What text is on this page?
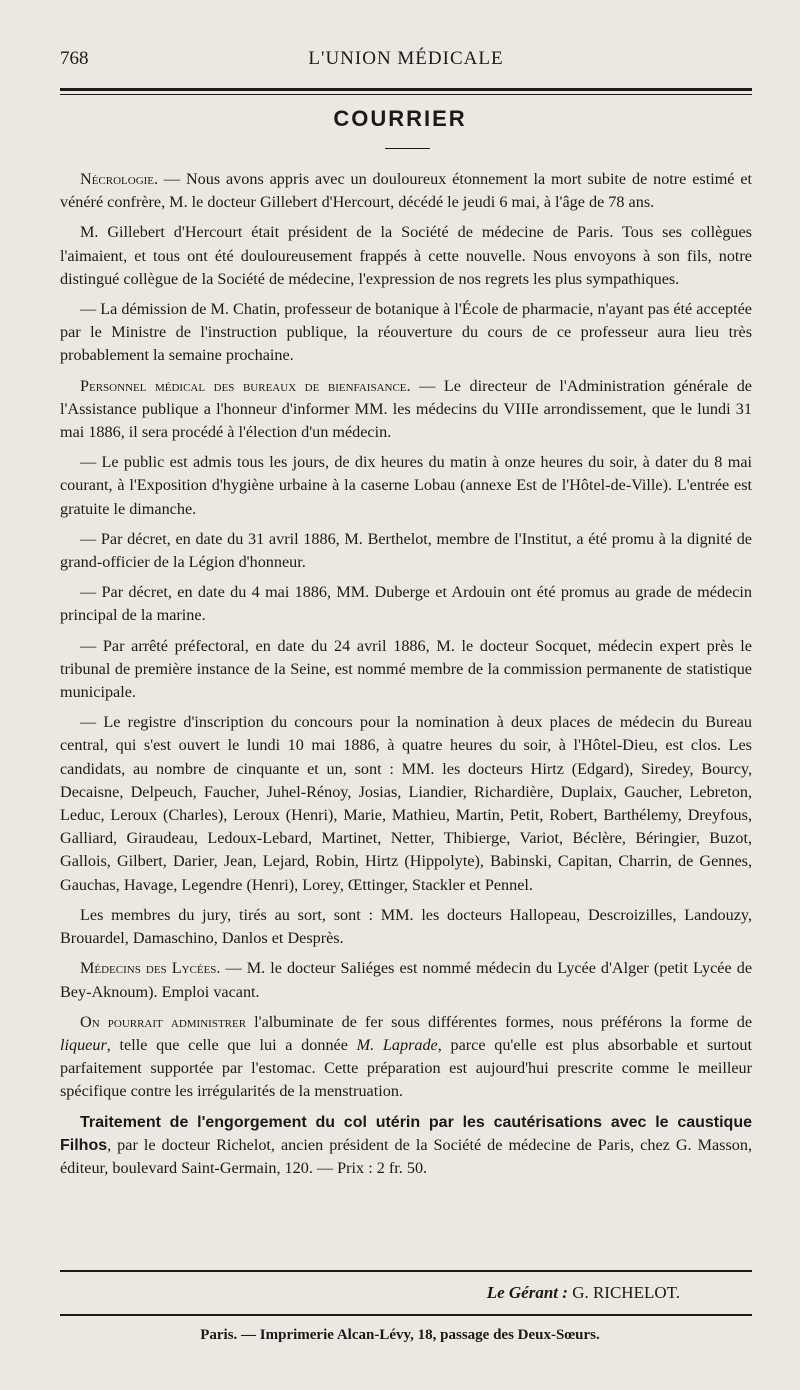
768	L'UNION MÉDICALE
COURRIER

Nécrologie. — Nous avons appris avec un douloureux étonnement la mort subite de notre estimé et vénéré confrère, M. le docteur Gillebert d'Hercourt, décédé le jeudi 6 mai, à l'âge de 78 ans.

M. Gillebert d'Hercourt était président de la Société de médecine de Paris. Tous ses collègues l'aimaient, et tous ont été douloureusement frappés à cette nouvelle. Nous envoyons à son fils, notre distingué collègue de la Société de médecine, l'expression de nos regrets les plus sympathiques.

— La démission de M. Chatin, professeur de botanique à l'École de pharmacie, n'ayant pas été acceptée par le Ministre de l'instruction publique, la réouverture du cours de ce professeur aura lieu très probablement la semaine prochaine.

Personnel médical des bureaux de bienfaisance. — Le directeur de l'Administration générale de l'Assistance publique a l'honneur d'informer MM. les médecins du VIIIe arrondissement, que le lundi 31 mai 1886, il sera procédé à l'élection d'un médecin.

— Le public est admis tous les jours, de dix heures du matin à onze heures du soir, à dater du 8 mai courant, à l'Exposition d'hygiène urbaine à la caserne Lobau (annexe Est de l'Hôtel-de-Ville). L'entrée est gratuite le dimanche.

— Par décret, en date du 31 avril 1886, M. Berthelot, membre de l'Institut, a été promu à la dignité de grand-officier de la Légion d'honneur.

— Par décret, en date du 4 mai 1886, MM. Duberge et Ardouin ont été promus au grade de médecin principal de la marine.

— Par arrêté préfectoral, en date du 24 avril 1886, M. le docteur Socquet, médecin expert près le tribunal de première instance de la Seine, est nommé membre de la commission permanente de statistique municipale.

— Le registre d'inscription du concours pour la nomination à deux places de médecin du Bureau central, qui s'est ouvert le lundi 10 mai 1886, à quatre heures du soir, à l'Hôtel-Dieu, est clos. Les candidats, au nombre de cinquante et un, sont : MM. les docteurs Hirtz (Edgard), Siredey, Bourcy, Decaisne, Delpeuch, Faucher, Juhel-Rénoy, Josias, Liandier, Richardière, Duplaix, Gaucher, Lebreton, Leduc, Leroux (Charles), Leroux (Henri), Marie, Mathieu, Martin, Petit, Robert, Barthélemy, Dreyfous, Galliard, Giraudeau, Ledoux-Lebard, Martinet, Netter, Thibierge, Variot, Béclère, Béringier, Buzot, Gallois, Gilbert, Darier, Jean, Lejard, Robin, Hirtz (Hippolyte), Babinski, Capitan, Charrin, de Gennes, Gauchas, Havage, Legendre (Henri), Lorey, Œttinger, Stackler et Pennel.

Les membres du jury, tirés au sort, sont : MM. les docteurs Hallopeau, Descroizilles, Landouzy, Brouardel, Damaschino, Danlos et Desprès.

Médecins des Lycées. — M. le docteur Saliéges est nommé médecin du Lycée d'Alger (petit Lycée de Bey-Aknoum). Emploi vacant.

On pourrait administrer l'albuminate de fer sous différentes formes, nous préférons la forme de liqueur, telle que celle que lui a donnée M. Laprade, parce qu'elle est plus absorbable et surtout parfaitement supportée par l'estomac. Cette préparation est aujourd'hui prescrite comme le meilleur spécifique contre les irrégularités de la menstruation.

Traitement de l'engorgement du col utérin par les cautérisations avec le caustique Filhos, par le docteur Richelot, ancien président de la Société de médecine de Paris, chez G. Masson, éditeur, boulevard Saint-Germain, 120. — Prix : 2 fr. 50.

Le Gérant : G. RICHELOT.
Paris. — Imprimerie Alcan-Lévy, 18, passage des Deux-Sœurs.
